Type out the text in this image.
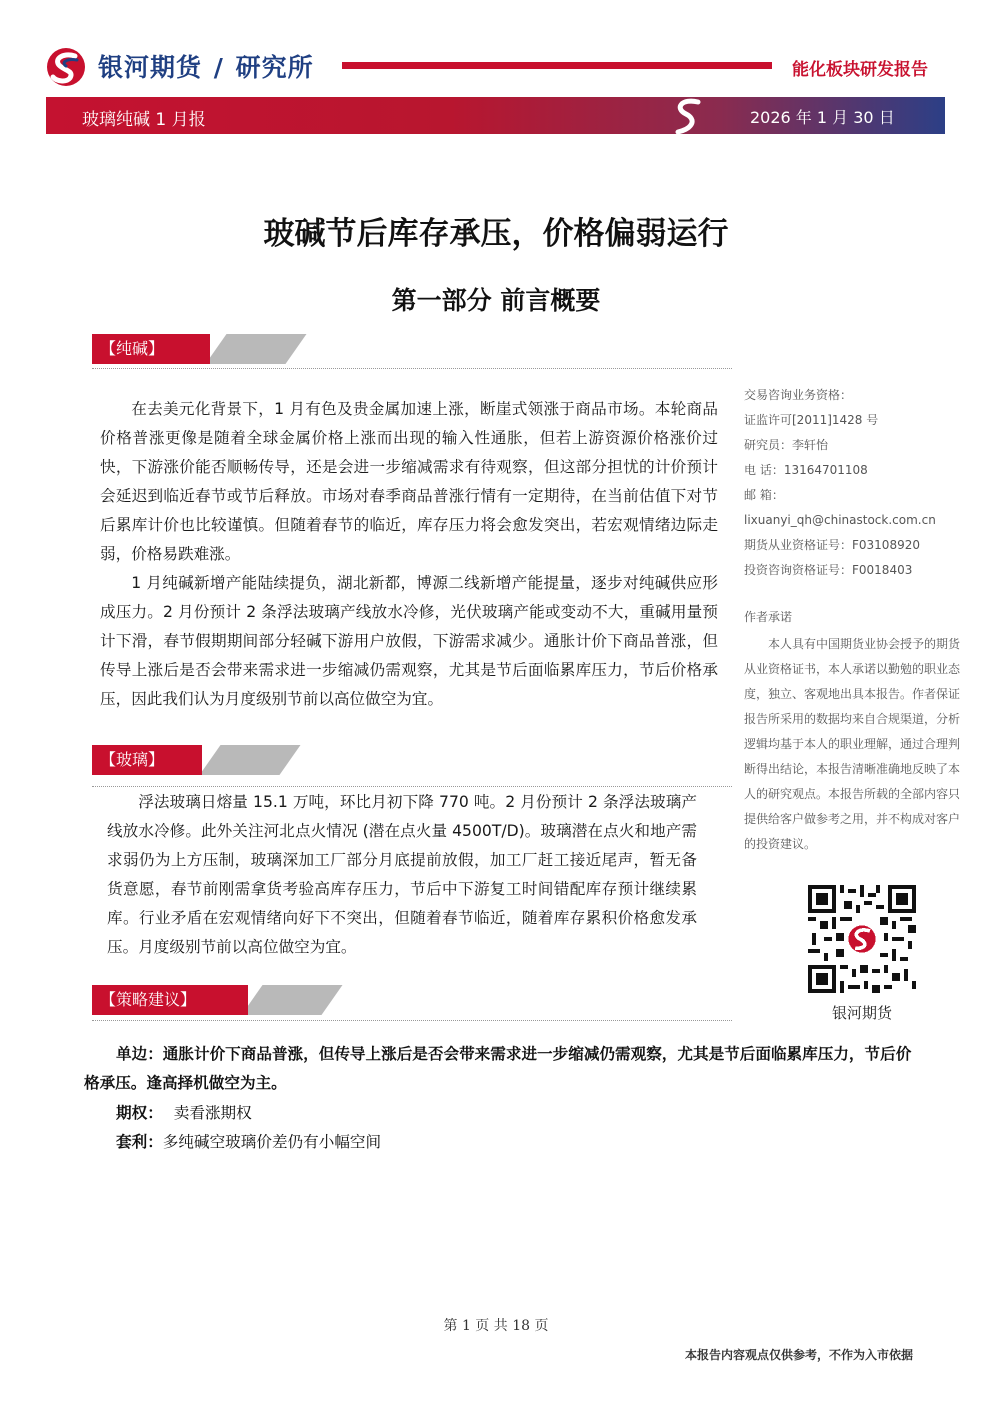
银河期货 / 研究所	能化板块研发报告
玻璃纯碱 1 月报	2026 年 1 月 30 日
玻碱节后库存承压，价格偏弱运行
第一部分 前言概要
【纯碱】

在去美元化背景下，1 月有色及贵金属加速上涨，断崖式领涨于商品市场。本轮商品价格普涨更像是随着全球金属价格上涨而出现的输入性通胀，但若上游资源价格涨价过快，下游涨价能否顺畅传导，还是会进一步缩减需求有待观察，但这部分担忧的计价预计会延迟到临近春节或节后释放。市场对春季商品普涨行情有一定期待，在当前估值下对节后累库计价也比较谨慎。但随着春节的临近，库存压力将会愈发突出，若宏观情绪边际走弱，价格易跌难涨。

1 月纯碱新增产能陆续提负，湖北新都，博源二线新增产能提量，逐步对纯碱供应形成压力。2 月份预计 2 条浮法玻璃产线放水冷修，光伏玻璃产能或变动不大，重碱用量预计下滑，春节假期期间部分轻碱下游用户放假，下游需求减少。通胀计价下商品普涨，但传导上涨后是否会带来需求进一步缩减仍需观察，尤其是节后面临累库压力，节后价格承压，因此我们认为月度级别节前以高位做空为宜。

【玻璃】

浮法玻璃日熔量 15.1 万吨，环比月初下降 770 吨。2 月份预计 2 条浮法玻璃产线放水冷修。此外关注河北点火情况 (潜在点火量 4500T/D)。玻璃潜在点火和地产需求弱仍为上方压制，玻璃深加工厂部分月底提前放假，加工厂赶工接近尾声，暂无备货意愿，春节前刚需拿货考验高库存压力，节后中下游复工时间错配库存预计继续累库。行业矛盾在宏观情绪向好下不突出，但随着春节临近，随着库存累积价格愈发承压。月度级别节前以高位做空为宜。

【策略建议】
单边：通胀计价下商品普涨，但传导上涨后是否会带来需求进一步缩减仍需观察，尤其是节后面临累库压力，节后价格承压。逢高择机做空为主。
期权： 卖看涨期权
套利：多纯碱空玻璃价差仍有小幅空间
交易咨询业务资格：
证监许可[2011]1428 号
研究员：李轩怡
电 话：13164701108
邮 箱：
lixuanyi_qh@chinastock.com.cn
期货从业资格证号：F03108920
投资咨询资格证号：F0018403
作者承诺

本人具有中国期货业协会授予的期货从业资格证书，本人承诺以勤勉的职业态度，独立、客观地出具本报告。作者保证报告所采用的数据均来自合规渠道，分析逻辑均基于本人的职业理解，通过合理判断得出结论，本报告清晰准确地反映了本人的研究观点。本报告所载的全部内容只提供给客户做参考之用，并不构成对客户的投资建议。

银河期货
第 1 页 共 18 页
本报告内容观点仅供参考，不作为入市依据
